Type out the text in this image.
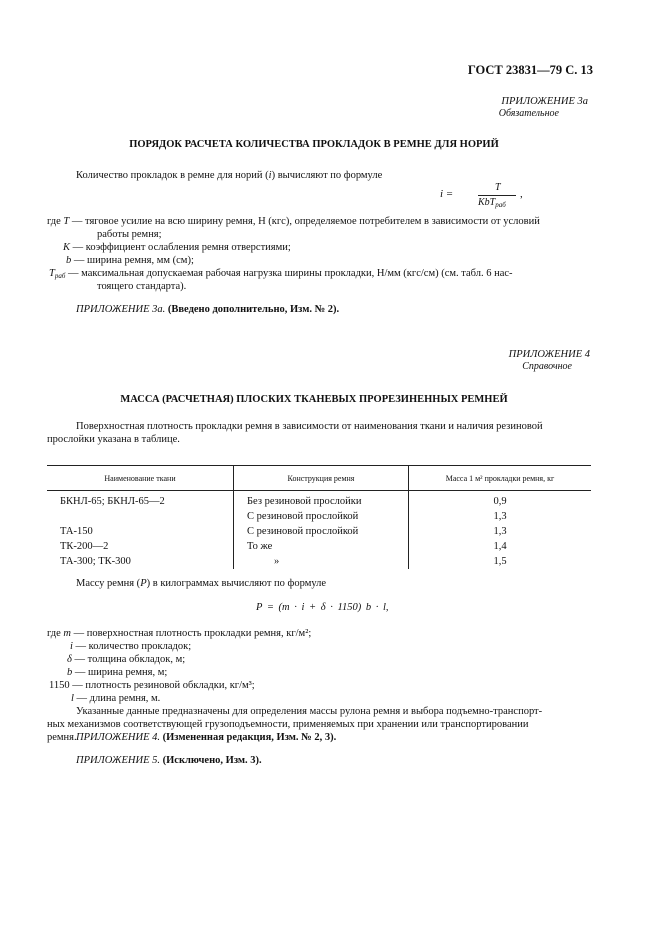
ГОСТ 23831—79 С. 13
ПРИЛОЖЕНИЕ 3а
Обязательное
ПОРЯДОК РАСЧЕТА КОЛИЧЕСТВА ПРОКЛАДОК В РЕМНЕ ДЛЯ НОРИЙ
Количество прокладок в ремне для норий (i) вычисляют по формуле
i =
T
KbT$_{раб}$
,
где T — тяговое усилие на всю ширину ремня, Н (кгс), определяемое потребителем в зависимости от условий
работы ремня;
K — коэффициент ослабления ремня отверстиями;
b — ширина ремня, мм (см);
$T_{раб}$ — максимальная допускаемая рабочая нагрузка ширины прокладки, Н/мм (кгс/см) (см. табл. 6 нас-
тоящего стандарта).
ПРИЛОЖЕНИЕ 3а. (Введено дополнительно, Изм. № 2).
ПРИЛОЖЕНИЕ 4
Справочное
МАССА (РАСЧЕТНАЯ) ПЛОСКИХ ТКАНЕВЫХ ПРОРЕЗИНЕННЫХ РЕМНЕЙ
Поверхностная плотность прокладки ремня в зависимости от наименования ткани и наличия резиновой
прослойки указана в таблице.
Наименование ткани	Конструкция ремня	Масса 1 м² прокладки ремня, кг
БКНЛ-65; БКНЛ-65—2	Без резиновой прослойки	0,9
	С резиновой прослойкой	1,3
ТА-150	С резиновой прослойкой	1,3
ТК-200—2	То же	1,4
ТА-300; ТК-300	»	1,5
Массу ремня (P) в килограммах вычисляют по формуле
P = (m · i + δ · 1150) b · l,
где m — поверхностная плотность прокладки ремня, кг/м²;
i — количество прокладок;
δ — толщина обкладок, м;
b — ширина ремня, м;
1150 — плотность резиновой обкладки, кг/м³;
l — длина ремня, м.
Указанные данные предназначены для определения массы рулона ремня и выбора подъемно-транспорт-
ных механизмов соответствующей грузоподъемности, применяемых при хранении или транспортировании
ремня. ПРИЛОЖЕНИЕ 4. (Измененная редакция, Изм. № 2, 3).
ПРИЛОЖЕНИЕ 5. (Исключено, Изм. 3).
